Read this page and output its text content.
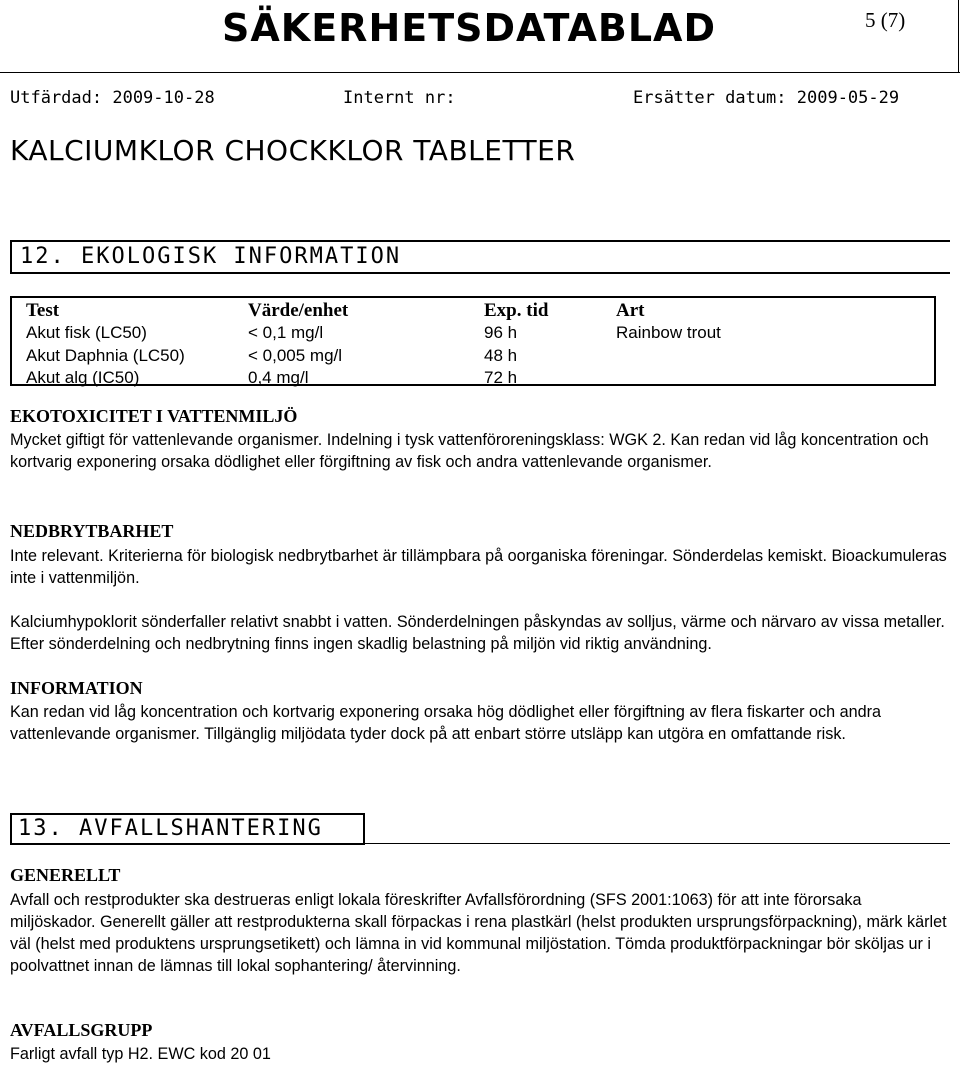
SÄKERHETSDATABLAD	5 (7)
Utfärdad: 2009-10-28	Internt nr:	Ersätter datum: 2009-05-29
KALCIUMKLOR CHOCKKLOR TABLETTER
12. EKOLOGISK INFORMATION
Test	Värde/enhet	Exp. tid	Art
Akut fisk (LC50)	< 0,1 mg/l	96 h	Rainbow trout
Akut Daphnia (LC50)	< 0,005 mg/l	48 h
Akut alg (IC50)	0,4 mg/l	72 h
EKOTOXICITET I VATTENMILJÖ
Mycket giftigt för vattenlevande organismer. Indelning i tysk vattenföroreningsklass: WGK 2. Kan redan vid låg koncentration och kortvarig exponering orsaka dödlighet eller förgiftning av fisk och andra vattenlevande organismer.
NEDBRYTBARHET
Inte relevant. Kriterierna för biologisk nedbrytbarhet är tillämpbara på oorganiska föreningar. Sönderdelas kemiskt. Bioackumuleras inte i vattenmiljön.
Kalciumhypoklorit sönderfaller relativt snabbt i vatten. Sönderdelningen påskyndas av solljus, värme och närvaro av vissa metaller. Efter sönderdelning och nedbrytning finns ingen skadlig belastning på miljön vid riktig användning.
INFORMATION
Kan redan vid låg koncentration och kortvarig exponering orsaka hög dödlighet eller förgiftning av flera fiskarter och andra vattenlevande organismer. Tillgänglig miljödata tyder dock på att enbart större utsläpp kan utgöra en omfattande risk.
13. AVFALLSHANTERING
GENERELLT
Avfall och restprodukter ska destrueras enligt lokala föreskrifter Avfallsförordning (SFS 2001:1063) för att inte förorsaka miljöskador. Generellt gäller att restprodukterna skall förpackas i rena plastkärl (helst produkten ursprungsförpackning), märk kärlet väl (helst med produktens ursprungsetikett) och lämna in vid kommunal miljöstation. Tömda produktförpackningar bör sköljas ur i poolvattnet innan de lämnas till lokal sophantering/ återvinning.
AVFALLSGRUPP
Farligt avfall typ H2. EWC kod 20 01
